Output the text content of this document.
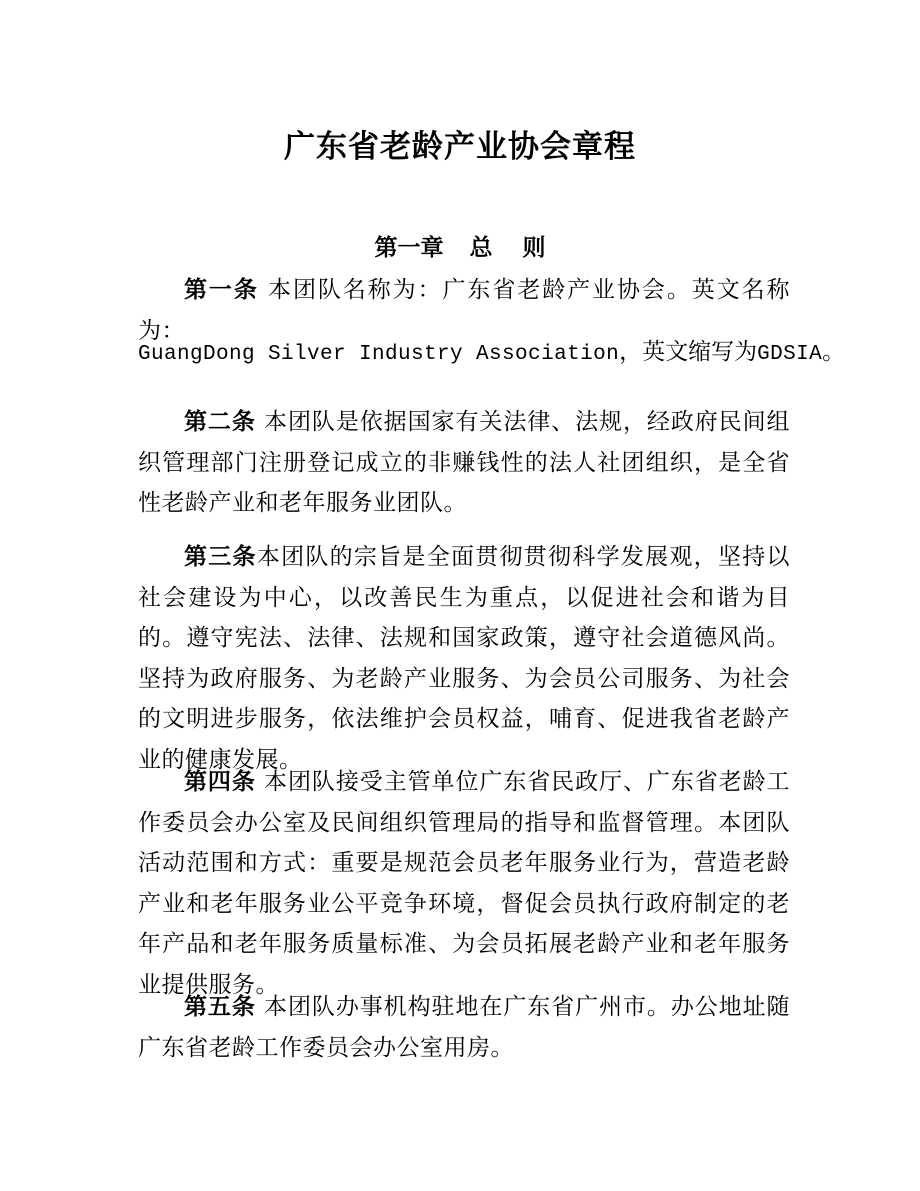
广东省老龄产业协会章程
第一章 总 则
第一条 本团队名称为：广东省老龄产业协会。英文名称为：
GuangDong Silver Industry Association，英文缩写为GDSIA。
第二条 本团队是依据国家有关法律、法规，经政府民间组织管理部门注册登记成立的非赚钱性的法人社团组织，是全省性老龄产业和老年服务业团队。
第三条本团队的宗旨是全面贯彻贯彻科学发展观，坚持以社会建设为中心，以改善民生为重点，以促进社会和谐为目的。遵守宪法、法律、法规和国家政策，遵守社会道德风尚。坚持为政府服务、为老龄产业服务、为会员公司服务、为社会的文明进步服务，依法维护会员权益，哺育、促进我省老龄产业的健康发展。
第四条 本团队接受主管单位广东省民政厅、广东省老龄工作委员会办公室及民间组织管理局的指导和监督管理。本团队活动范围和方式：重要是规范会员老年服务业行为，营造老龄产业和老年服务业公平竞争环境，督促会员执行政府制定的老年产品和老年服务质量标准、为会员拓展老龄产业和老年服务业提供服务。
第五条 本团队办事机构驻地在广东省广州市。办公地址随广东省老龄工作委员会办公室用房。
